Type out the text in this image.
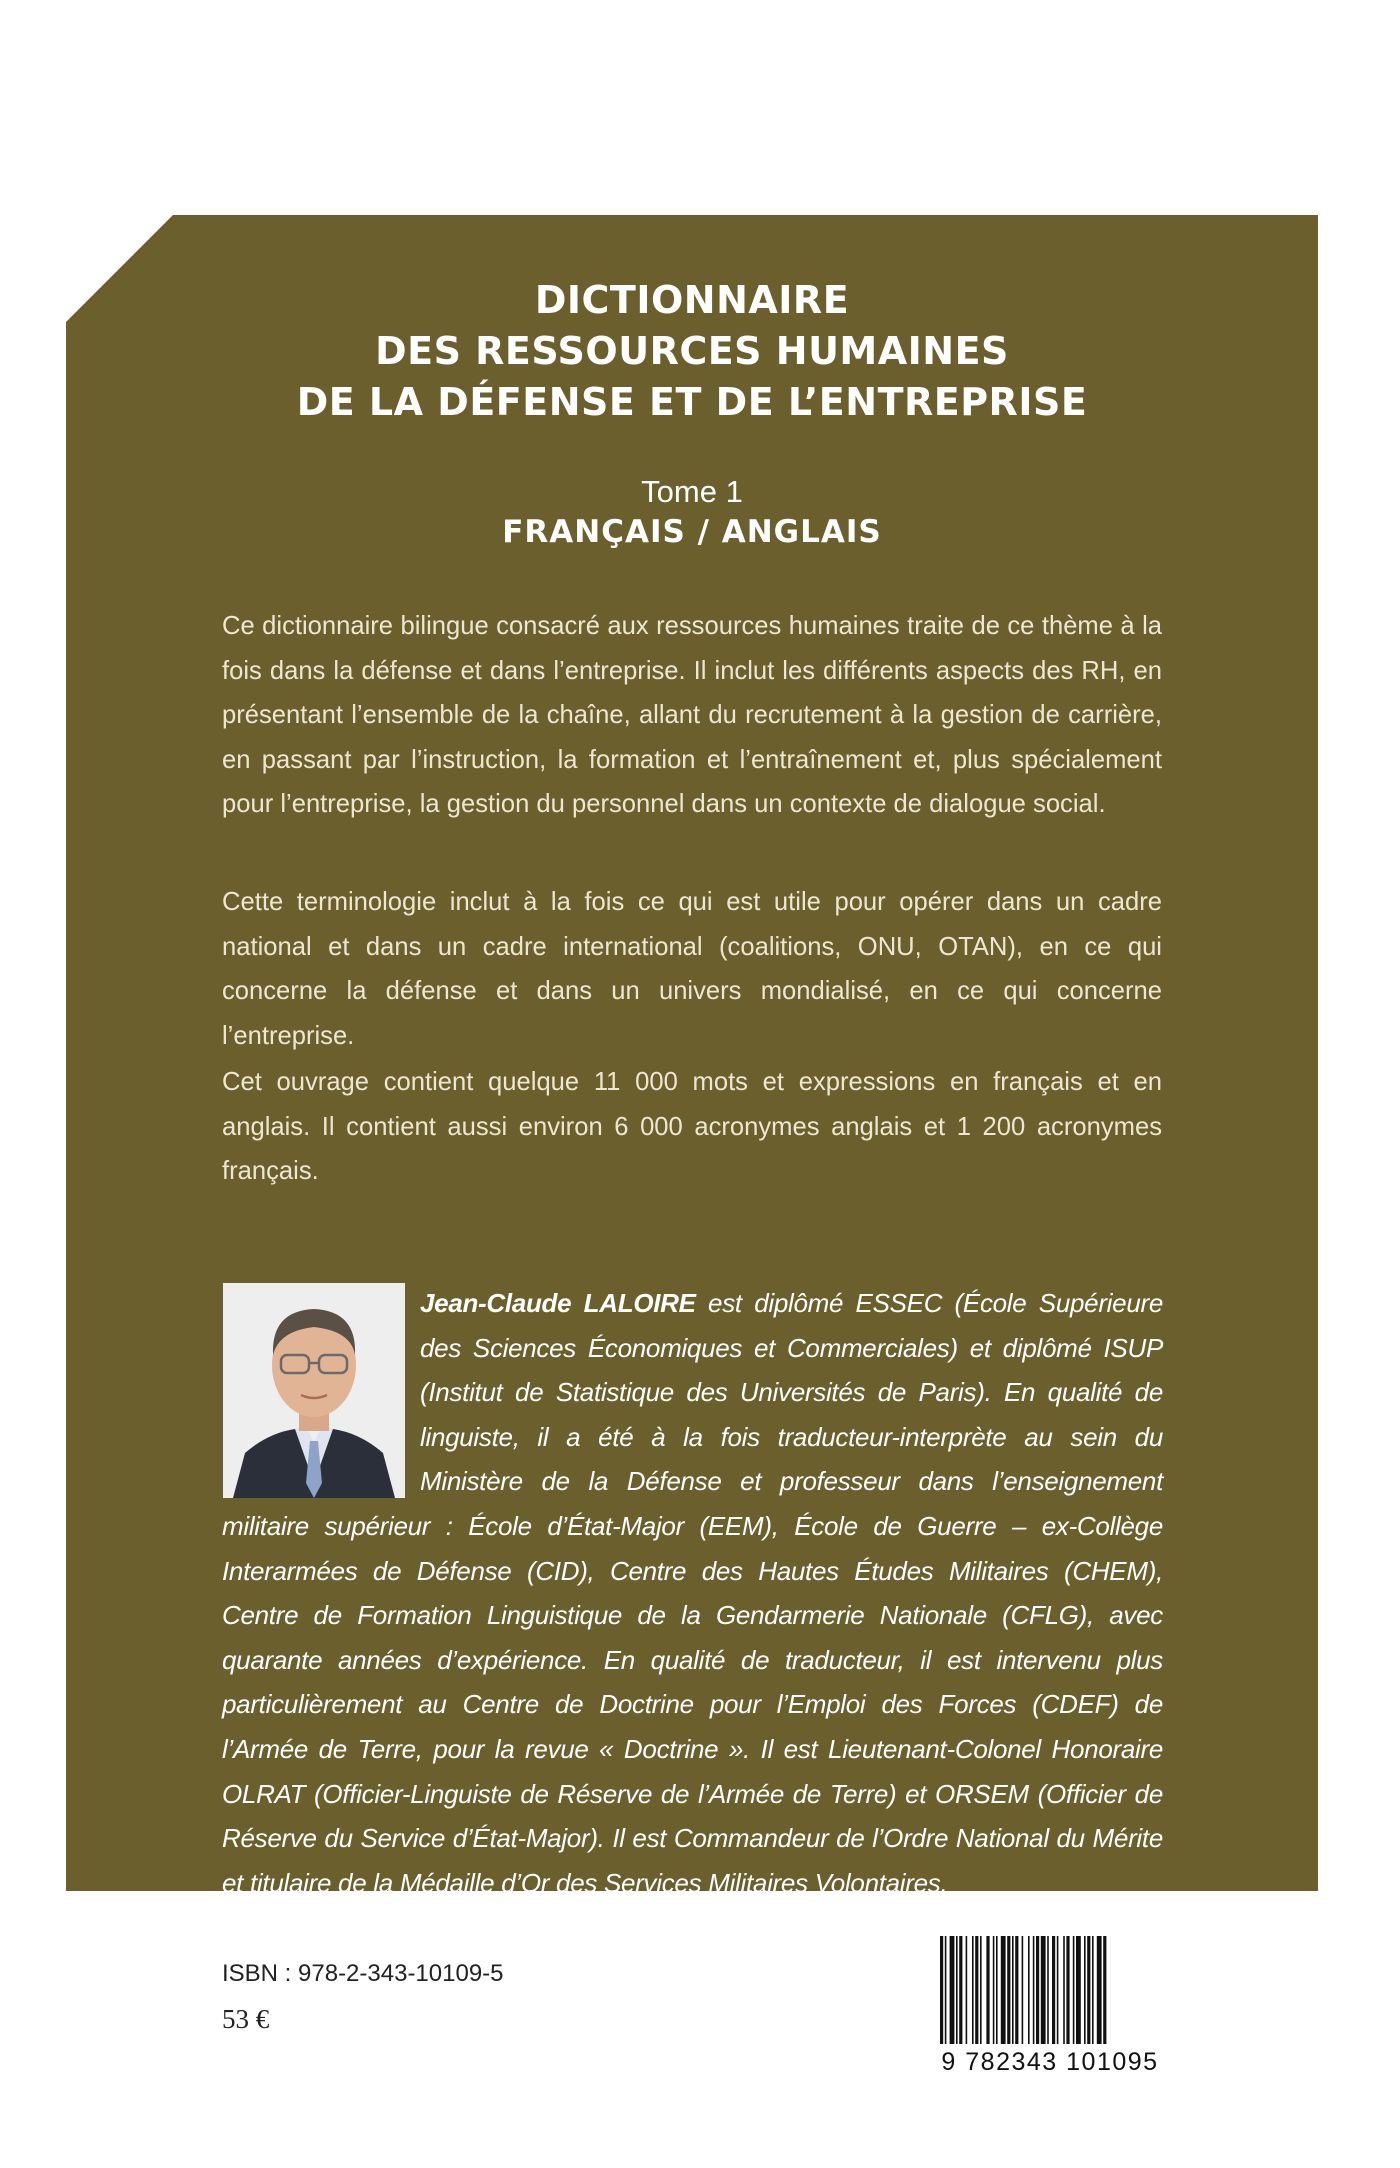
DICTIONNAIRE
DES RESSOURCES HUMAINES
DE LA DÉFENSE ET DE L’ENTREPRISE
Tome 1
FRANÇAIS / ANGLAIS

Ce dictionnaire bilingue consacré aux ressources humaines traite de ce thème à la fois dans la défense et dans l’entreprise. Il inclut les différents aspects des RH, en présentant l’ensemble de la chaîne, allant du recrutement à la gestion de carrière, en passant par l’instruction, la formation et l’entraînement et, plus spécialement pour l’entreprise, la gestion du personnel dans un contexte de dialogue social.

Cette terminologie inclut à la fois ce qui est utile pour opérer dans un cadre national et dans un cadre international (coalitions, ONU, OTAN), en ce qui concerne la défense et dans un univers mondialisé, en ce qui concerne l’entreprise.

Cet ouvrage contient quelque 11 000 mots et expressions en français et en anglais. Il contient aussi environ 6 000 acronymes anglais et 1 200 acronymes français.

Jean-Claude LALOIRE est diplômé ESSEC (École Supérieure des Sciences Économiques et Commerciales) et diplômé ISUP (Institut de Statistique des Universités de Paris). En qualité de linguiste, il a été à la fois traducteur-interprète au sein du Ministère de la Défense et professeur dans l’enseignement militaire supérieur : École d’État-Major (EEM), École de Guerre – ex-Collège Interarmées de Défense (CID), Centre des Hautes Études Militaires (CHEM), Centre de Formation Linguistique de la Gendarmerie Nationale (CFLG), avec quarante années d’expérience. En qualité de traducteur, il est intervenu plus particulièrement au Centre de Doctrine pour l’Emploi des Forces (CDEF) de l’Armée de Terre, pour la revue « Doctrine ». Il est Lieutenant-Colonel Honoraire OLRAT (Officier-Linguiste de Réserve de l’Armée de Terre) et ORSEM (Officier de Réserve du Service d’État-Major). Il est Commandeur de l’Ordre National du Mérite et titulaire de la Médaille d’Or des Services Militaires Volontaires.

ISBN : 978-2-343-10109-5
53 €
9 782343 101095
